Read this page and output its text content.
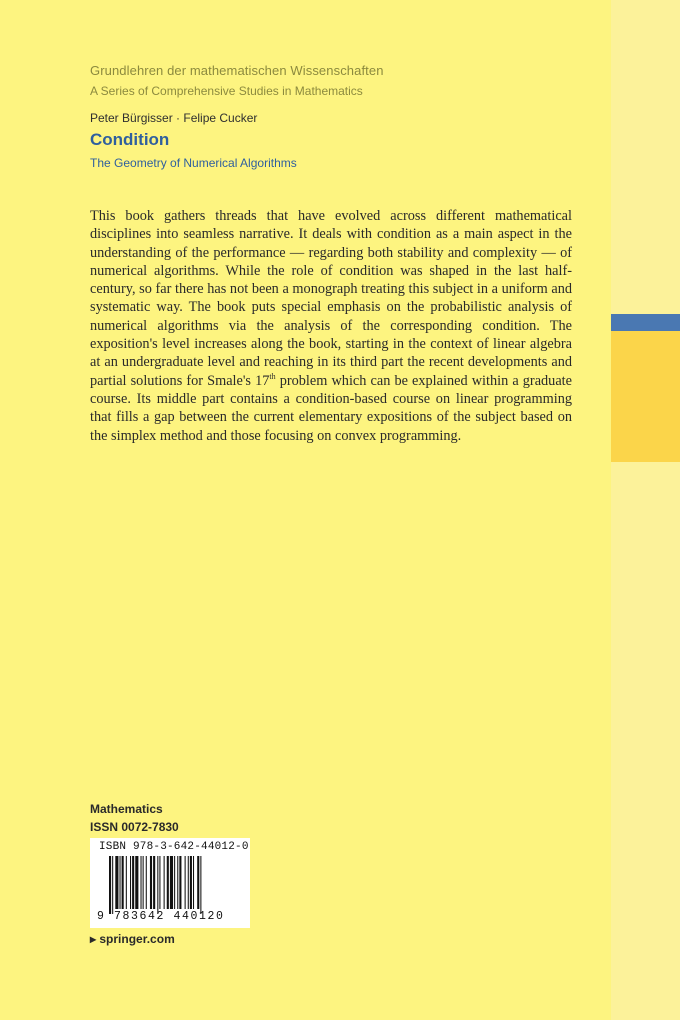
Grundlehren der mathematischen Wissenschaften
A Series of Comprehensive Studies in Mathematics
Peter Bürgisser · Felipe Cucker
Condition
The Geometry of Numerical Algorithms

This book gathers threads that have evolved across different mathematical disciplines into seamless narrative. It deals with condition as a main aspect in the understanding of the performance — regarding both stability and complexity — of numerical algorithms. While the role of condition was shaped in the last half-century, so far there has not been a monograph treating this subject in a uniform and systematic way. The book puts special emphasis on the probabilistic analysis of numerical algorithms via the analysis of the corresponding condition. The exposition's level increases along the book, starting in the context of linear algebra at an undergraduate level and reaching in its third part the recent developments and partial solutions for Smale's 17th problem which can be explained within a graduate course. Its middle part contains a condition-based course on linear programming that fills a gap between the current elementary expositions of the subject based on the simplex method and those focusing on convex programming.

Mathematics
ISSN 0072-7830
ISBN 978-3-642-44012-0
9 783642 440120
▸ springer.com
